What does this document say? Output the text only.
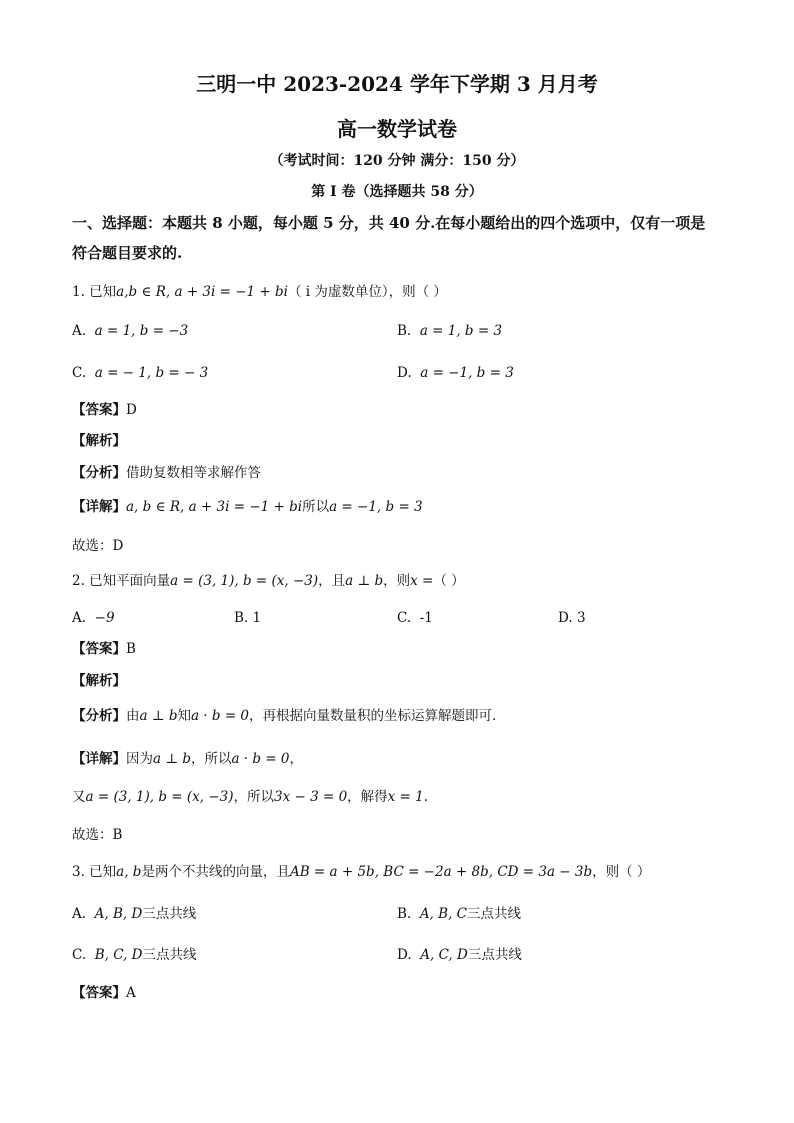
三明一中 2023-2024 学年下学期 3 月月考
高一数学试卷
（考试时间：120 分钟 满分：150 分）
第 I 卷（选择题共 58 分）
一、选择题：本题共 8 小题，每小题 5 分，共 40 分.在每小题给出的四个选项中，仅有一项是
符合题目要求的.
1. 已知a,b ∈ R, a + 3i = −1 + bi（ i 为虚数单位），则（ ）
A. a = 1, b = −3	B. a = 1, b = 3
C. a = − 1, b = − 3	D. a = −1, b = 3
【答案】D
【解析】
【分析】借助复数相等求解作答
【详解】a, b ∈ R, a + 3i = −1 + bi所以a = −1, b = 3
故选：D
2. 已知平面向量a = (3, 1), b = (x, −3)，且a ⊥ b，则x =（ ）
A. −9	B. 1	C. -1	D. 3
【答案】B
【解析】
【分析】由a ⊥ b知a · b = 0，再根据向量数量积的坐标运算解题即可.
【详解】因为a ⊥ b，所以a · b = 0，
又a = (3, 1), b = (x, −3)，所以3x − 3 = 0，解得x = 1.
故选：B
3. 已知a, b是两个不共线的向量，且AB = a + 5b, BC = −2a + 8b, CD = 3a − 3b，则（ ）
A. A, B, D三点共线	B. A, B, C三点共线
C. B, C, D三点共线	D. A, C, D三点共线
【答案】A
